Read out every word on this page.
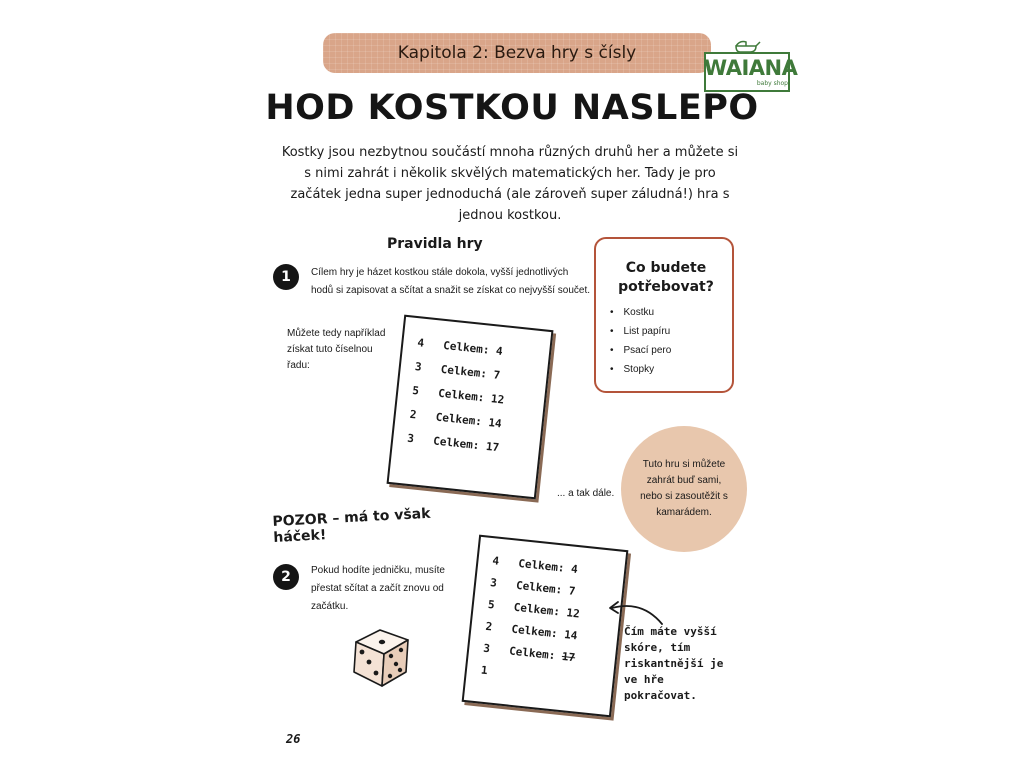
Kapitola 2: Bezva hry s čísly
WAIANA
baby shop
HOD KOSTKOU NASLEPO

Kostky jsou nezbytnou součástí mnoha různých druhů her a můžete si s nimi zahrát i několik skvělých matematických her. Tady je pro začátek jedna super jednoduchá (ale zároveň super záludná!) hra s jednou kostkou.

Pravidla hry
1	Cílem hry je házet kostkou stále dokola, vyšší jednotlivých hodů si zapisovat a sčítat a snažit se získat co nejvyšší součet.

Můžete tedy například získat tuto číselnou řadu:

4 Celkem: 4
3 Celkem: 7
5 Celkem: 12
2 Celkem: 14
3 Celkem: 17
... a tak dále.
Co budete potřebovat?
• Kostku
• List papíru
• Psací pero
• Stopky
Tuto hru si můžete zahrát buď sami, nebo si zasoutěžit s kamarádem.
POZOR – má to však háček!
2	Pokud hodíte jedničku, musíte přestat sčítat a začít znovu od začátku.

4 Celkem: 4
3 Celkem: 7
5 Celkem: 12
2 Celkem: 14
3 Celkem: 17
1

Čím máte vyšší skóre, tím riskantnější je ve hře pokračovat.

26
